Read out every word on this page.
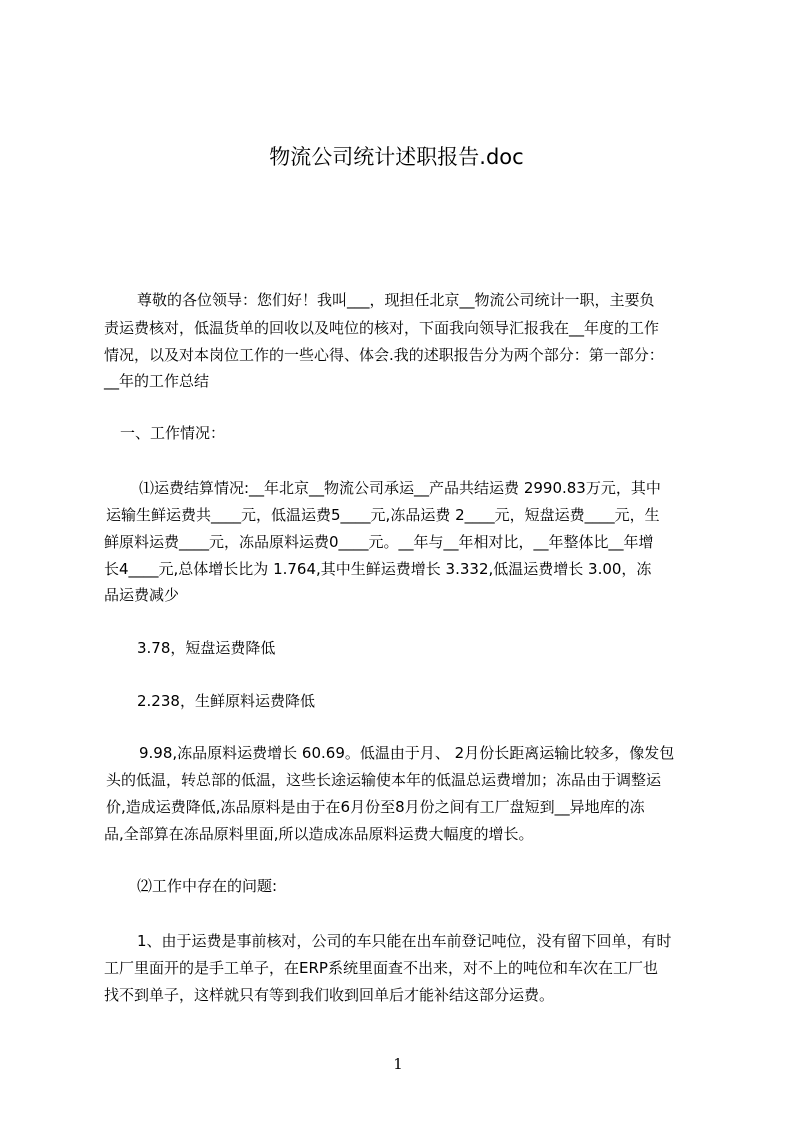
物流公司统计述职报告.doc
尊敬的各位领导：您们好！我叫___，现担任北京__物流公司统计一职，主要负
责运费核对，低温货单的回收以及吨位的核对，下面我向领导汇报我在__年度的工作
情况，以及对本岗位工作的一些心得、体会.我的述职报告分为两个部分：第一部分：
__年的工作总结
一、工作情况：
⑴运费结算情况:__年北京__物流公司承运__产品共结运费 2990.83万元，其中
运输生鲜运费共____元，低温运费5____元,冻品运费 2____元，短盘运费____元，生
鲜原料运费____元，冻品原料运费0____元。__年与__年相对比，__年整体比__年增
长4____元,总体增长比为 1.764,其中生鲜运费增长 3.332,低温运费增长 3.00，冻
品运费减少
3.78，短盘运费降低
2.238，生鲜原料运费降低
9.98,冻品原料运费增长 60.69。低温由于月、 2月份长距离运输比较多，像发包
头的低温，转总部的低温，这些长途运输使本年的低温总运费增加；冻品由于调整运
价,造成运费降低,冻品原料是由于在6月份至8月份之间有工厂盘短到__异地库的冻
品,全部算在冻品原料里面,所以造成冻品原料运费大幅度的增长。
⑵工作中存在的问题:
1、由于运费是事前核对，公司的车只能在出车前登记吨位，没有留下回单，有时
工厂里面开的是手工单子，在ERP系统里面查不出来，对不上的吨位和车次在工厂也
找不到单子，这样就只有等到我们收到回单后才能补结这部分运费。
1
